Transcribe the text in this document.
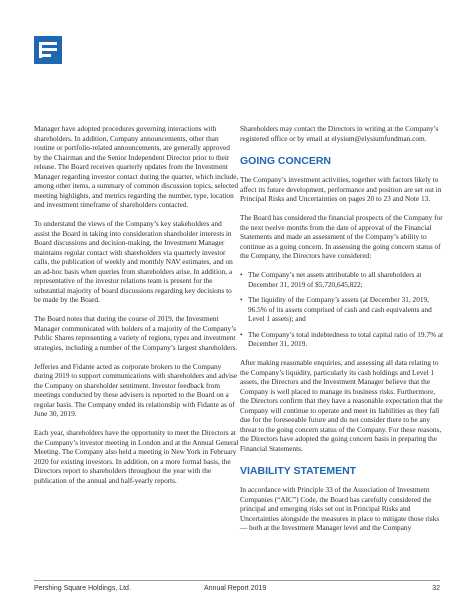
Manager have adopted procedures governing interactions with shareholders. In addition, Company announcements, other than routine or portfolio-related announcements, are generally approved by the Chairman and the Senior Independent Director prior to their release. The Board receives quarterly updates from the Investment Manager regarding investor contact during the quarter, which include, among other items, a summary of common discussion topics, selected meeting highlights, and metrics regarding the number, type, location and investment timeframe of shareholders contacted.

To understand the views of the Company’s key stakeholders and assist the Board in taking into consideration shareholder interests in Board discussions and decision-making, the Investment Manager maintains regular contact with shareholders via quarterly investor calls, the publication of weekly and monthly NAV estimates, and on an ad-hoc basis when queries from shareholders arise. In addition, a representative of the investor relations team is present for the substantial majority of board discussions regarding key decisions to be made by the Board.

The Board notes that during the course of 2019, the Investment Manager communicated with holders of a majority of the Company’s Public Shares representing a variety of regions, types and investment strategies, including a number of the Company’s largest shareholders.

Jefferies and Fidante acted as corporate brokers to the Company during 2019 to support communications with shareholders and advise the Company on shareholder sentiment. Investor feedback from meetings conducted by these advisers is reported to the Board on a regular basis. The Company ended its relationship with Fidante as of June 30, 2019.

Each year, shareholders have the opportunity to meet the Directors at the Company’s investor meeting in London and at the Annual General Meeting. The Company also held a meeting in New York in February 2020 for existing investors. In addition, on a more formal basis, the Directors report to shareholders throughout the year with the publication of the annual and half-yearly reports.

Shareholders may contact the Directors in writing at the Company’s registered office or by email at elysium@elysiumfundman.com.

GOING CONCERN

The Company’s investment activities, together with factors likely to affect its future development, performance and position are set out in Principal Risks and Uncertainties on pages 20 to 23 and Note 13.

The Board has considered the financial prospects of the Company for the next twelve months from the date of approval of the Financial Statements and made an assessment of the Company’s ability to continue as a going concern. In assessing the going concern status of the Company, the Directors have considered:

• The Company’s net assets attributable to all shareholders at December 31, 2019 of $5,720,645,822;
• The liquidity of the Company’s assets (at December 31, 2019, 96.5% of its assets comprised of cash and cash equivalents and Level 1 assets); and
• The Company’s total indebtedness to total capital ratio of 19.7% at December 31, 2019.

After making reasonable enquiries, and assessing all data relating to the Company’s liquidity, particularly its cash holdings and Level 1 assets, the Directors and the Investment Manager believe that the Company is well placed to manage its business risks. Furthermore, the Directors confirm that they have a reasonable expectation that the Company will continue to operate and meet its liabilities as they fall due for the foreseeable future and do not consider there to be any threat to the going concern status of the Company. For these reasons, the Directors have adopted the going concern basis in preparing the Financial Statements.

VIABILITY STATEMENT

In accordance with Principle 33 of the Association of Investment Companies (“AIC”) Code, the Board has carefully considered the principal and emerging risks set out in Principal Risks and Uncertainties alongside the measures in place to mitigate those risks — both at the Investment Manager level and the Company

Pershing Square Holdings, Ltd.	Annual Report 2019	32
